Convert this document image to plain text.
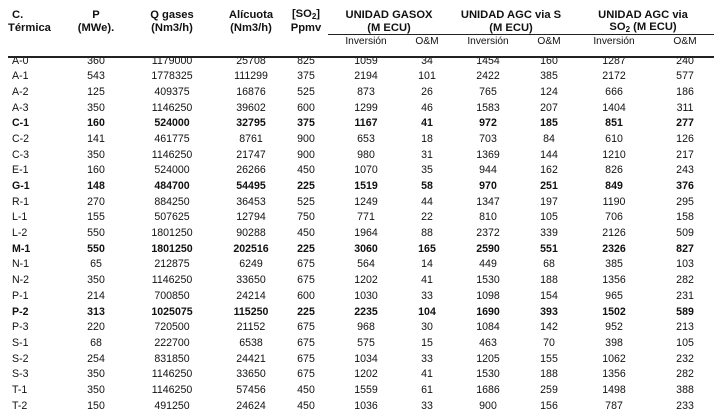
C.	P	Q gases	Alícuota	$[SO_2]$	UNIDAD GASOX		UNIDAD AGC via S		UNIDAD AGC via	
Térmica	(MWe).	(Nm3/h)	(Nm3/h)	Ppmv	(M ECU)		(M ECU)		$SO_2$ (M ECU)	
					Inversión	O&M	Inversión	O&M	Inversión	O&M
A-0	360	1179000	25708	825	1059	34	1454	160	1287	240
A-1	543	1778325	111299	375	2194	101	2422	385	2172	577
A-2	125	409375	16876	525	873	26	765	124	666	186
A-3	350	1146250	39602	600	1299	46	1583	207	1404	311
C-1	160	524000	32795	375	1167	41	972	185	851	277
C-2	141	461775	8761	900	653	18	703	84	610	126
C-3	350	1146250	21747	900	980	31	1369	144	1210	217
E-1	160	524000	26266	450	1070	35	944	162	826	243
G-1	148	484700	54495	225	1519	58	970	251	849	376
R-1	270	884250	36453	525	1249	44	1347	197	1190	295
L-1	155	507625	12794	750	771	22	810	105	706	158
L-2	550	1801250	90288	450	1964	88	2372	339	2126	509
M-1	550	1801250	202516	225	3060	165	2590	551	2326	827
N-1	65	212875	6249	675	564	14	449	68	385	103
N-2	350	1146250	33650	675	1202	41	1530	188	1356	282
P-1	214	700850	24214	600	1030	33	1098	154	965	231
P-2	313	1025075	115250	225	2235	104	1690	393	1502	589
P-3	220	720500	21152	675	968	30	1084	142	952	213
S-1	68	222700	6538	675	575	15	463	70	398	105
S-2	254	831850	24421	675	1034	33	1205	155	1062	232
S-3	350	1146250	33650	675	1202	41	1530	188	1356	282
T-1	350	1146250	57456	450	1559	61	1686	259	1498	388
T-2	150	491250	24624	450	1036	33	900	156	787	233
